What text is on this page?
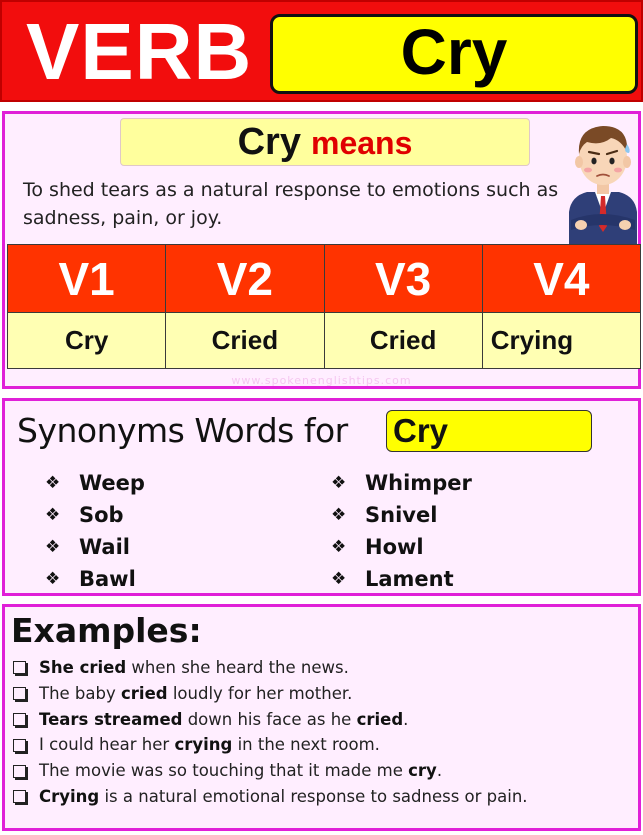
VERB	Cry
Cry means
To shed tears as a natural response to emotions such as sadness, pain, or joy.
V1	V2	V3	V4
Cry	Cried	Cried	Crying
www.spokenenglishtips.com
Synonyms Words for Cry
❖ Weep
❖ Sob
❖ Wail
❖ Bawl
❖ Whimper
❖ Snivel
❖ Howl
❖ Lament
Examples:
She cried when she heard the news.
The baby cried loudly for her mother.
Tears streamed down his face as he cried.
I could hear her crying in the next room.
The movie was so touching that it made me cry.
Crying is a natural emotional response to sadness or pain.
